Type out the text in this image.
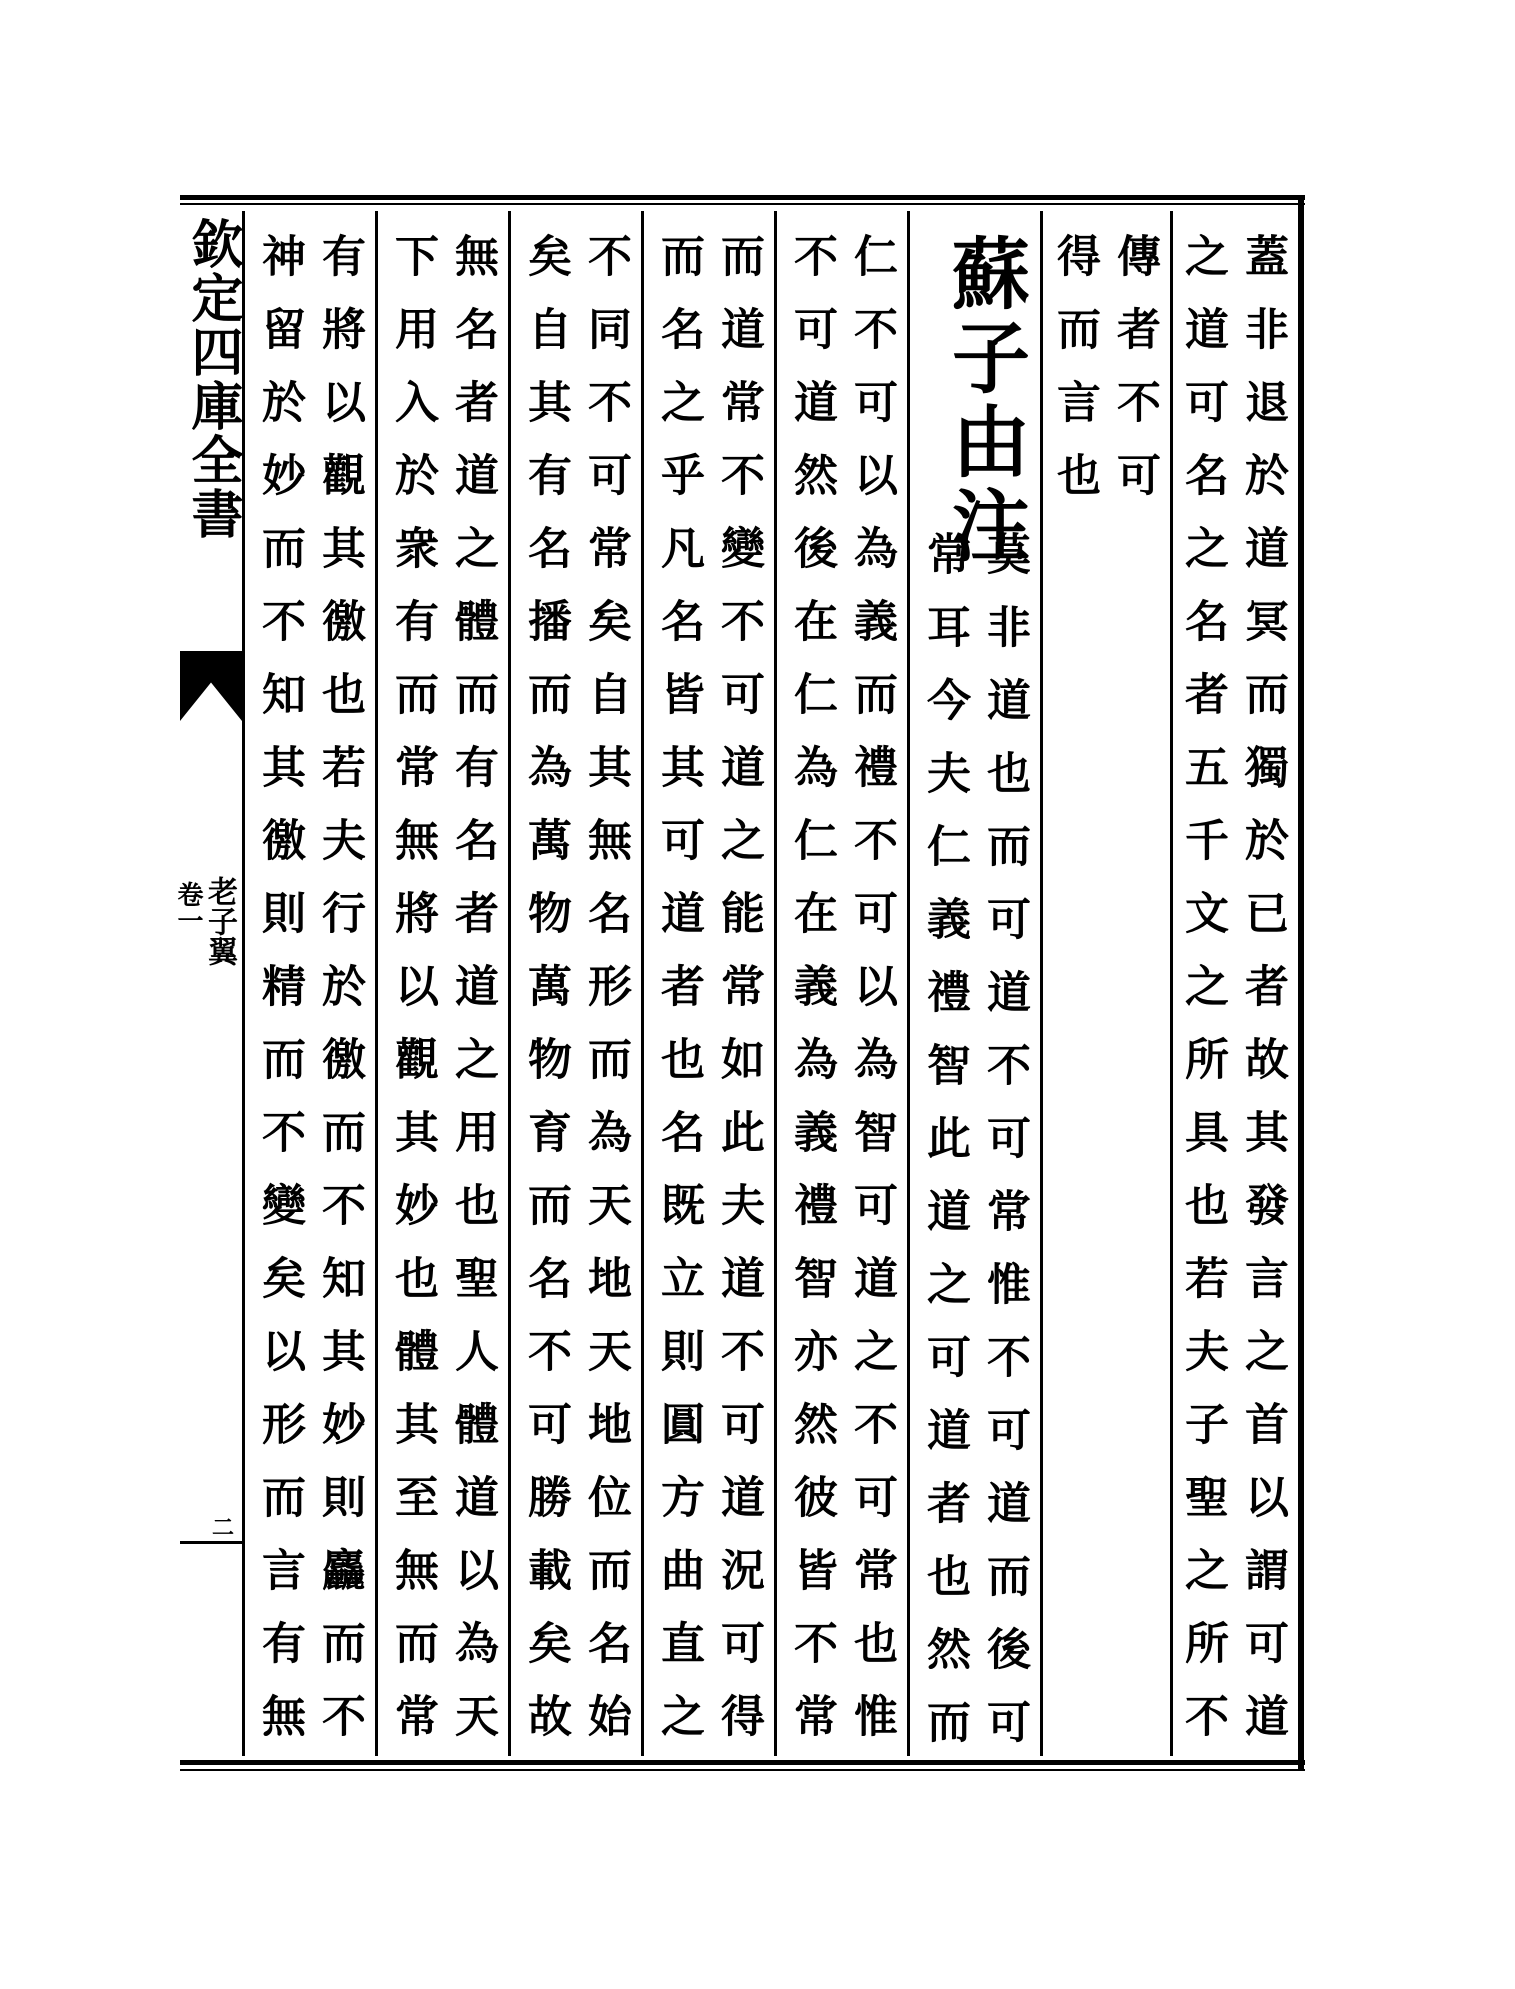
欽定四庫全書
卷一 老子翼
二 有將以觀其徼也若夫行於徼而不知其妙則麤而不
神留於妙而不知其徼則精而不變矣以形而言有無	無名者道之體而有名者道之用也聖人體道以為天
下用入於衆有而常無將以觀其妙也體其至無而常	不同不可常矣自其無名形而為天地天地位而名始
矣自其有名播而為萬物萬物育而名不可勝載矣故	而道常不變不可道之能常如此夫道不可道況可得
而名之乎凡名皆其可道者也名既立則圓方曲直之	仁不可以為義而禮不可以為智可道之不可常也惟
不可道然後在仁為仁在義為義禮智亦然彼皆不常 蘇子由注
莫非道也而可道不可常惟不可道而後可
常耳今夫仁義禮智此道之可道者也然而
傳者不可
得而言也	蓋非退於道冥而獨於已者故其發言之首以謂可道
之道可名之名者五千文之所具也若夫子聖之所不
